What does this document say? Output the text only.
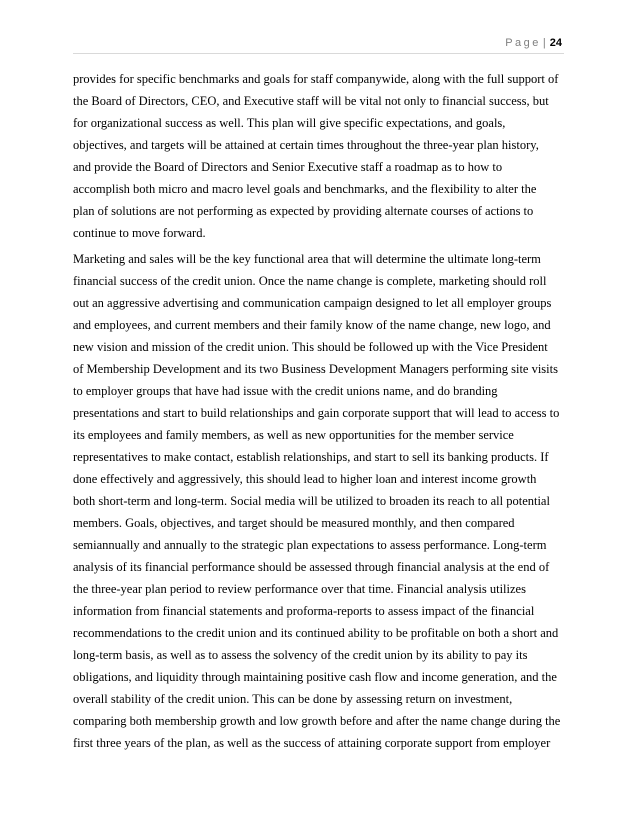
Page | 24
provides for specific benchmarks and goals for staff companywide, along with the full support of
the Board of Directors, CEO, and Executive staff will be vital not only to financial success, but
for organizational success as well. This plan will give specific expectations, and goals,
objectives, and targets will be attained at certain times throughout the three-year plan history,
and provide the Board of Directors and Senior Executive staff a roadmap as to how to
accomplish both micro and macro level goals and benchmarks, and the flexibility to alter the
plan of solutions are not performing as expected by providing alternate courses of actions to
continue to move forward.
Marketing and sales will be the key functional area that will determine the ultimate long-term
financial success of the credit union. Once the name change is complete, marketing should roll
out an aggressive advertising and communication campaign designed to let all employer groups
and employees, and current members and their family know of the name change, new logo, and
new vision and mission of the credit union. This should be followed up with the Vice President
of Membership Development and its two Business Development Managers performing site visits
to employer groups that have had issue with the credit unions name, and do branding
presentations and start to build relationships and gain corporate support that will lead to access to
its employees and family members, as well as new opportunities for the member service
representatives to make contact, establish relationships, and start to sell its banking products. If
done effectively and aggressively, this should lead to higher loan and interest income growth
both short-term and long-term. Social media will be utilized to broaden its reach to all potential
members. Goals, objectives, and target should be measured monthly, and then compared
semiannually and annually to the strategic plan expectations to assess performance. Long-term
analysis of its financial performance should be assessed through financial analysis at the end of
the three-year plan period to review performance over that time. Financial analysis utilizes
information from financial statements and proforma-reports to assess impact of the financial
recommendations to the credit union and its continued ability to be profitable on both a short and
long-term basis, as well as to assess the solvency of the credit union by its ability to pay its
obligations, and liquidity through maintaining positive cash flow and income generation, and the
overall stability of the credit union. This can be done by assessing return on investment,
comparing both membership growth and low growth before and after the name change during the
first three years of the plan, as well as the success of attaining corporate support from employer
